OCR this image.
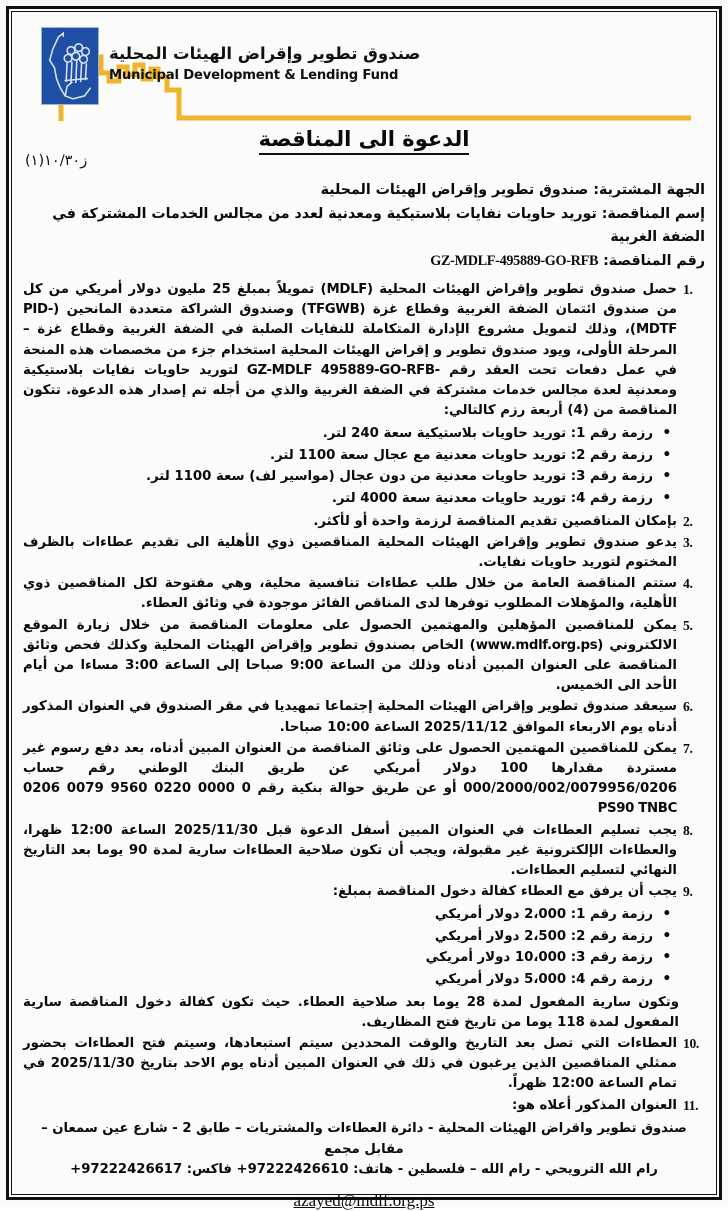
صندوق تطوير وإقراض الهيئات المحلية
Municipal Development & Lending Fund
الدعوة الى المناقصة
ز١٠/٣٠(١)
الجهة المشترية: صندوق تطوير وإقراض الهيئات المحلية
إسم المناقصة: توريد حاويات نفايات بلاستيكية ومعدنية لعدد من مجالس الخدمات المشتركة في الضفة الغربية
رقم المناقصة: GZ-MDLF-495889-GO-RFB
حصل صندوق تطوير وإقراض الهيئات المحلية (MDLF) تمويلاً بمبلغ 25 مليون دولار أمريكي من كل من صندوق ائتمان الضفة الغربية وقطاع غزة (TFGWB) وصندوق الشراكة متعددة المانحين (PID-MDTF)، وذلك لتمويل مشروع الإدارة المتكاملة للنفايات الصلبة في الضفة الغربية وقطاع غزة – المرحلة الأولى، ويود صندوق تطوير و إقراض الهيئات المحلية استخدام جزء من مخصصات هذه المنحة في عمل دفعات تحت العقد رقم -GZ-MDLF 495889-GO-RFB لتوريد حاويات نفايات بلاستيكية ومعدنية لعدة مجالس خدمات مشتركة في الضفة الغربية والذي من أجله تم إصدار هذه الدعوة. تتكون المناقصة من (4) أربعة رزم كالتالي:
• رزمة رقم 1: توريد حاويات بلاستيكية سعة 240 لتر.
• رزمة رقم 2: توريد حاويات معدنية مع عجال سعة 1100 لتر.
• رزمة رقم 3: توريد حاويات معدنية من دون عجال (مواسير لف) سعة 1100 لتر.
• رزمة رقم 4: توريد حاويات معدنية سعة 4000 لتر.
بإمكان المناقصين تقديم المناقصة لرزمة واحدة أو لأكثر.
يدعو صندوق تطوير وإقراض الهيئات المحلية المناقصين ذوي الأهلية الى تقديم عطاءات بالظرف المختوم لتوريد حاويات نفايات.
ستتم المناقصة العامة من خلال طلب عطاءات تنافسية محلية، وهي مفتوحة لكل المناقصين ذوي الأهلية، والمؤهلات المطلوب توفرها لدى المناقص الفائز موجودة في وثائق العطاء.
يمكن للمناقصين المؤهلين والمهتمين الحصول على معلومات المناقصة من خلال زيارة الموقع الالكتروني (www.mdlf.org.ps) الخاص بصندوق تطوير وإقراض الهيئات المحلية وكذلك فحص وثائق المناقصة على العنوان المبين أدناه وذلك من الساعة 9:00 صباحا إلى الساعة 3:00 مساءا من أيام الأحد الى الخميس.
سيعقد صندوق تطوير وإقراض الهيئات المحلية إجتماعا تمهيديا في مقر الصندوق في العنوان المذكور أدناه يوم الاربعاء الموافق 2025/11/12 الساعة 10:00 صباحا.
يمكن للمناقصين المهتمين الحصول على وثائق المناقصة من العنوان المبين أدناه، بعد دفع رسوم غير مستردة مقدارها 100 دولار أمريكي عن طريق البنك الوطني رقم حساب 000/2000/002/0079956/0206 أو عن طريق حوالة بنكية رقم 0 0000 0220 9560 0079 0206 PS90 TNBC
يجب تسليم العطاءات في العنوان المبين أسفل الدعوة قبل 2025/11/30 الساعة 12:00 ظهرا، والعطاءات الإلكترونية غير مقبولة، ويجب أن تكون صلاحية العطاءات سارية لمدة 90 يوما بعد التاريخ النهائي لتسليم العطاءات.
يجب أن يرفق مع العطاء كفالة دخول المناقصة بمبلغ:
• رزمة رقم 1: 2،000 دولار أمريكي
• رزمة رقم 2: 2،500 دولار أمريكي
• رزمة رقم 3: 10،000 دولار أمريكي
• رزمة رقم 4: 5،000 دولار أمريكي
وتكون سارية المفعول لمدة 28 يوما بعد صلاحية العطاء. حيث تكون كفالة دخول المناقصة سارية المفعول لمدة 118 يوما من تاريخ فتح المظاريف.
العطاءات التي تصل بعد التاريخ والوقت المحددين سيتم استبعادها، وسيتم فتح العطاءات بحضور ممثلي المناقصين الذين يرغبون في ذلك في العنوان المبين أدناه يوم الاحد بتاريخ 2025/11/30 في تمام الساعة 12:00 ظهراً.
العنوان المذكور أعلاه هو:
صندوق تطوير واقراض الهيئات المحلية - دائرة العطاءات والمشتريات – طابق 2 - شارع عين سمعان – مقابل مجمع
رام الله الترويحي - رام الله – فلسطين - هاتف: 97222426610+ فاكس: 97222426617+
azayed@mdlf.org.ps
